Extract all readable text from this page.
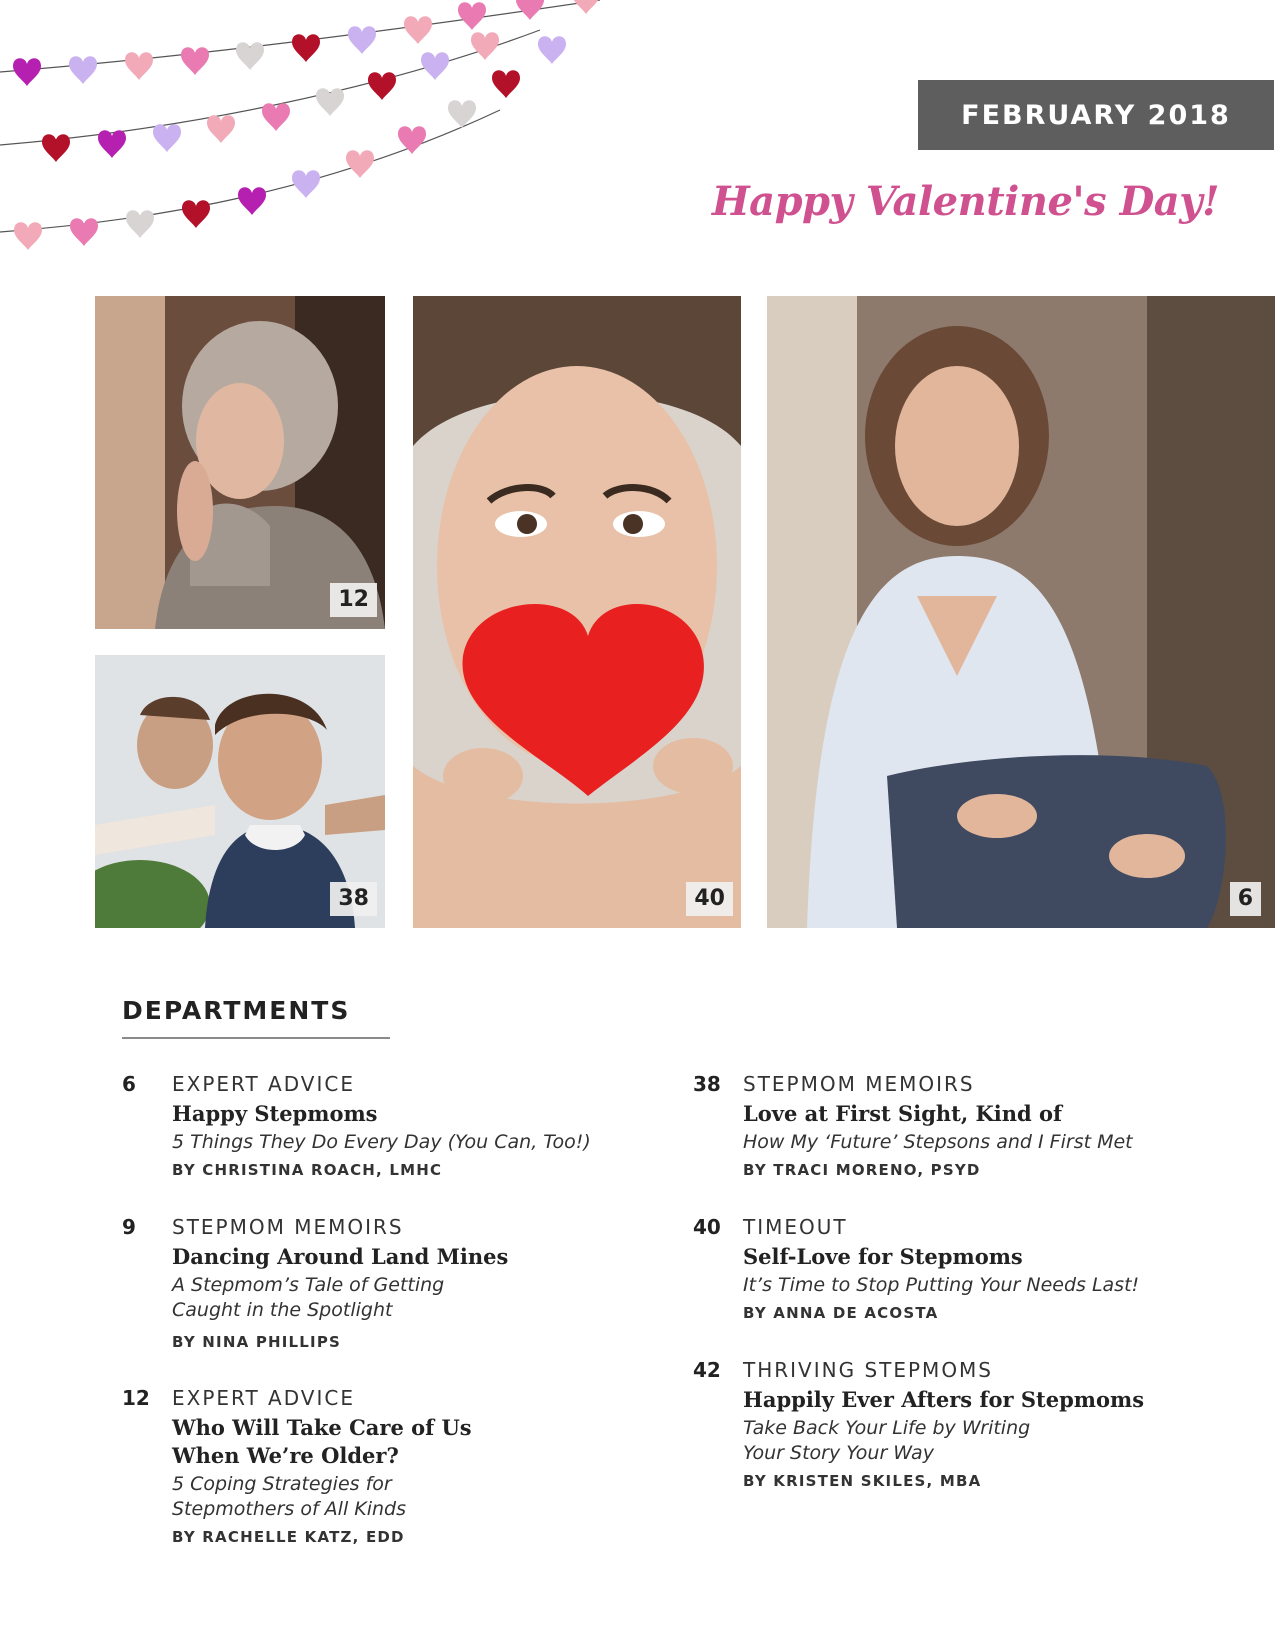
FEBRUARY 2018
Happy Valentine's Day!
12
38	40	6
DEPARTMENTS
6 EXPERT ADVICE
Happy Stepmoms
5 Things They Do Every Day (You Can, Too!)
BY CHRISTINA ROACH, LMHC
9 STEPMOM MEMOIRS
Dancing Around Land Mines
A Stepmom’s Tale of Getting
Caught in the Spotlight
BY NINA PHILLIPS
12 EXPERT ADVICE
Who Will Take Care of Us
When We’re Older?
5 Coping Strategies for
Stepmothers of All Kinds
BY RACHELLE KATZ, EDD
38 STEPMOM MEMOIRS
Love at First Sight, Kind of
How My ‘Future’ Stepsons and I First Met
BY TRACI MORENO, PSYD
40 TIMEOUT
Self-Love for Stepmoms
It’s Time to Stop Putting Your Needs Last!
BY ANNA DE ACOSTA
42 THRIVING STEPMOMS
Happily Ever Afters for Stepmoms
Take Back Your Life by Writing
Your Story Your Way
BY KRISTEN SKILES, MBA
